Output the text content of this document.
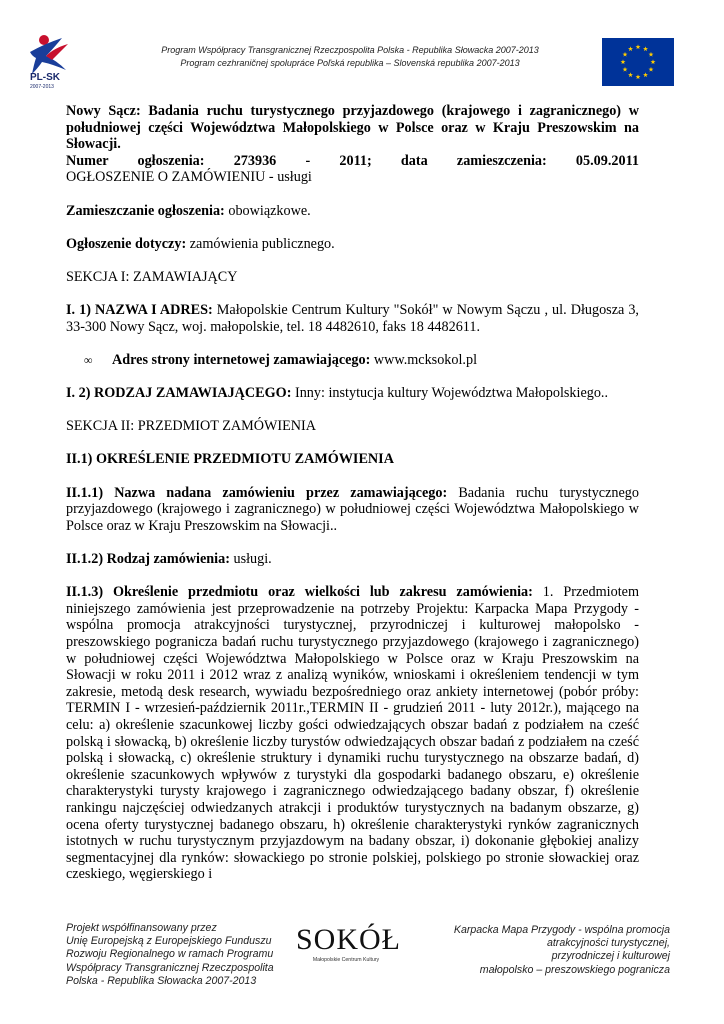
PL-SK
2007-2013
Program Współpracy Transgranicznej Rzeczpospolita Polska - Republika Słowacka 2007-2013
Program cezhraničnej spolupráce Poľská republika – Slovenská republika 2007-2013

Nowy Sącz: Badania ruchu turystycznego przyjazdowego (krajowego i zagranicznego) w południowej części Województwa Małopolskiego w Polsce oraz w Kraju Preszowskim na Słowacji.

Numer ogłoszenia: 273936 - 2011; data zamieszczenia: 05.09.2011

OGŁOSZENIE O ZAMÓWIENIU - usługi

Zamieszczanie ogłoszenia: obowiązkowe.

Ogłoszenie dotyczy: zamówienia publicznego.

SEKCJA I: ZAMAWIAJĄCY

I. 1) NAZWA I ADRES: Małopolskie Centrum Kultury "Sokół" w Nowym Sączu , ul. Długosza 3, 33-300 Nowy Sącz, woj. małopolskie, tel. 18 4482610, faks 18 4482611.

∞ Adres strony internetowej zamawiającego: www.mcksokol.pl

I. 2) RODZAJ ZAMAWIAJĄCEGO: Inny: instytucja kultury Województwa Małopolskiego..

SEKCJA II: PRZEDMIOT ZAMÓWIENIA

II.1) OKREŚLENIE PRZEDMIOTU ZAMÓWIENIA

II.1.1) Nazwa nadana zamówieniu przez zamawiającego: Badania ruchu turystycznego przyjazdowego (krajowego i zagranicznego) w południowej części Województwa Małopolskiego w Polsce oraz w Kraju Preszowskim na Słowacji..

II.1.2) Rodzaj zamówienia: usługi.

II.1.3) Określenie przedmiotu oraz wielkości lub zakresu zamówienia: 1. Przedmiotem niniejszego zamówienia jest przeprowadzenie na potrzeby Projektu: Karpacka Mapa Przygody - wspólna promocja atrakcyjności turystycznej, przyrodniczej i kulturowej małopolsko - preszowskiego pogranicza badań ruchu turystycznego przyjazdowego (krajowego i zagranicznego) w południowej części Województwa Małopolskiego w Polsce oraz w Kraju Preszowskim na Słowacji w roku 2011 i 2012 wraz z analizą wyników, wnioskami i określeniem tendencji w tym zakresie, metodą desk research, wywiadu bezpośredniego oraz ankiety internetowej (pobór próby: TERMIN I - wrzesień-październik 2011r.,TERMIN II - grudzień 2011 - luty 2012r.), mającego na celu: a) określenie szacunkowej liczby gości odwiedzających obszar badań z podziałem na cześć polską i słowacką, b) określenie liczby turystów odwiedzających obszar badań z podziałem na cześć polską i słowacką, c) określenie struktury i dynamiki ruchu turystycznego na obszarze badań, d) określenie szacunkowych wpływów z turystyki dla gospodarki badanego obszaru, e) określenie charakterystyki turysty krajowego i zagranicznego odwiedzającego badany obszar, f) określenie rankingu najczęściej odwiedzanych atrakcji i produktów turystycznych na badanym obszarze, g) ocena oferty turystycznej badanego obszaru, h) określenie charakterystyki rynków zagranicznych istotnych w ruchu turystycznym przyjazdowym na badany obszar, i) dokonanie głębokiej analizy segmentacyjnej dla rynków: słowackiego po stronie polskiej, polskiego po stronie słowackiej oraz czeskiego, węgierskiego i

Projekt współfinansowany przez
Unię Europejską z Europejskiego Funduszu
Rozwoju Regionalnego w ramach Programu
Współpracy Transgranicznej Rzeczpospolita
Polska - Republika Słowacka 2007-2013
SOKÓŁ
Małopolskie Centrum Kultury
Karpacka Mapa Przygody - wspólna promocja
atrakcyjności turystycznej,
przyrodniczej i kulturowej
małopolsko – preszowskiego pogranicza
